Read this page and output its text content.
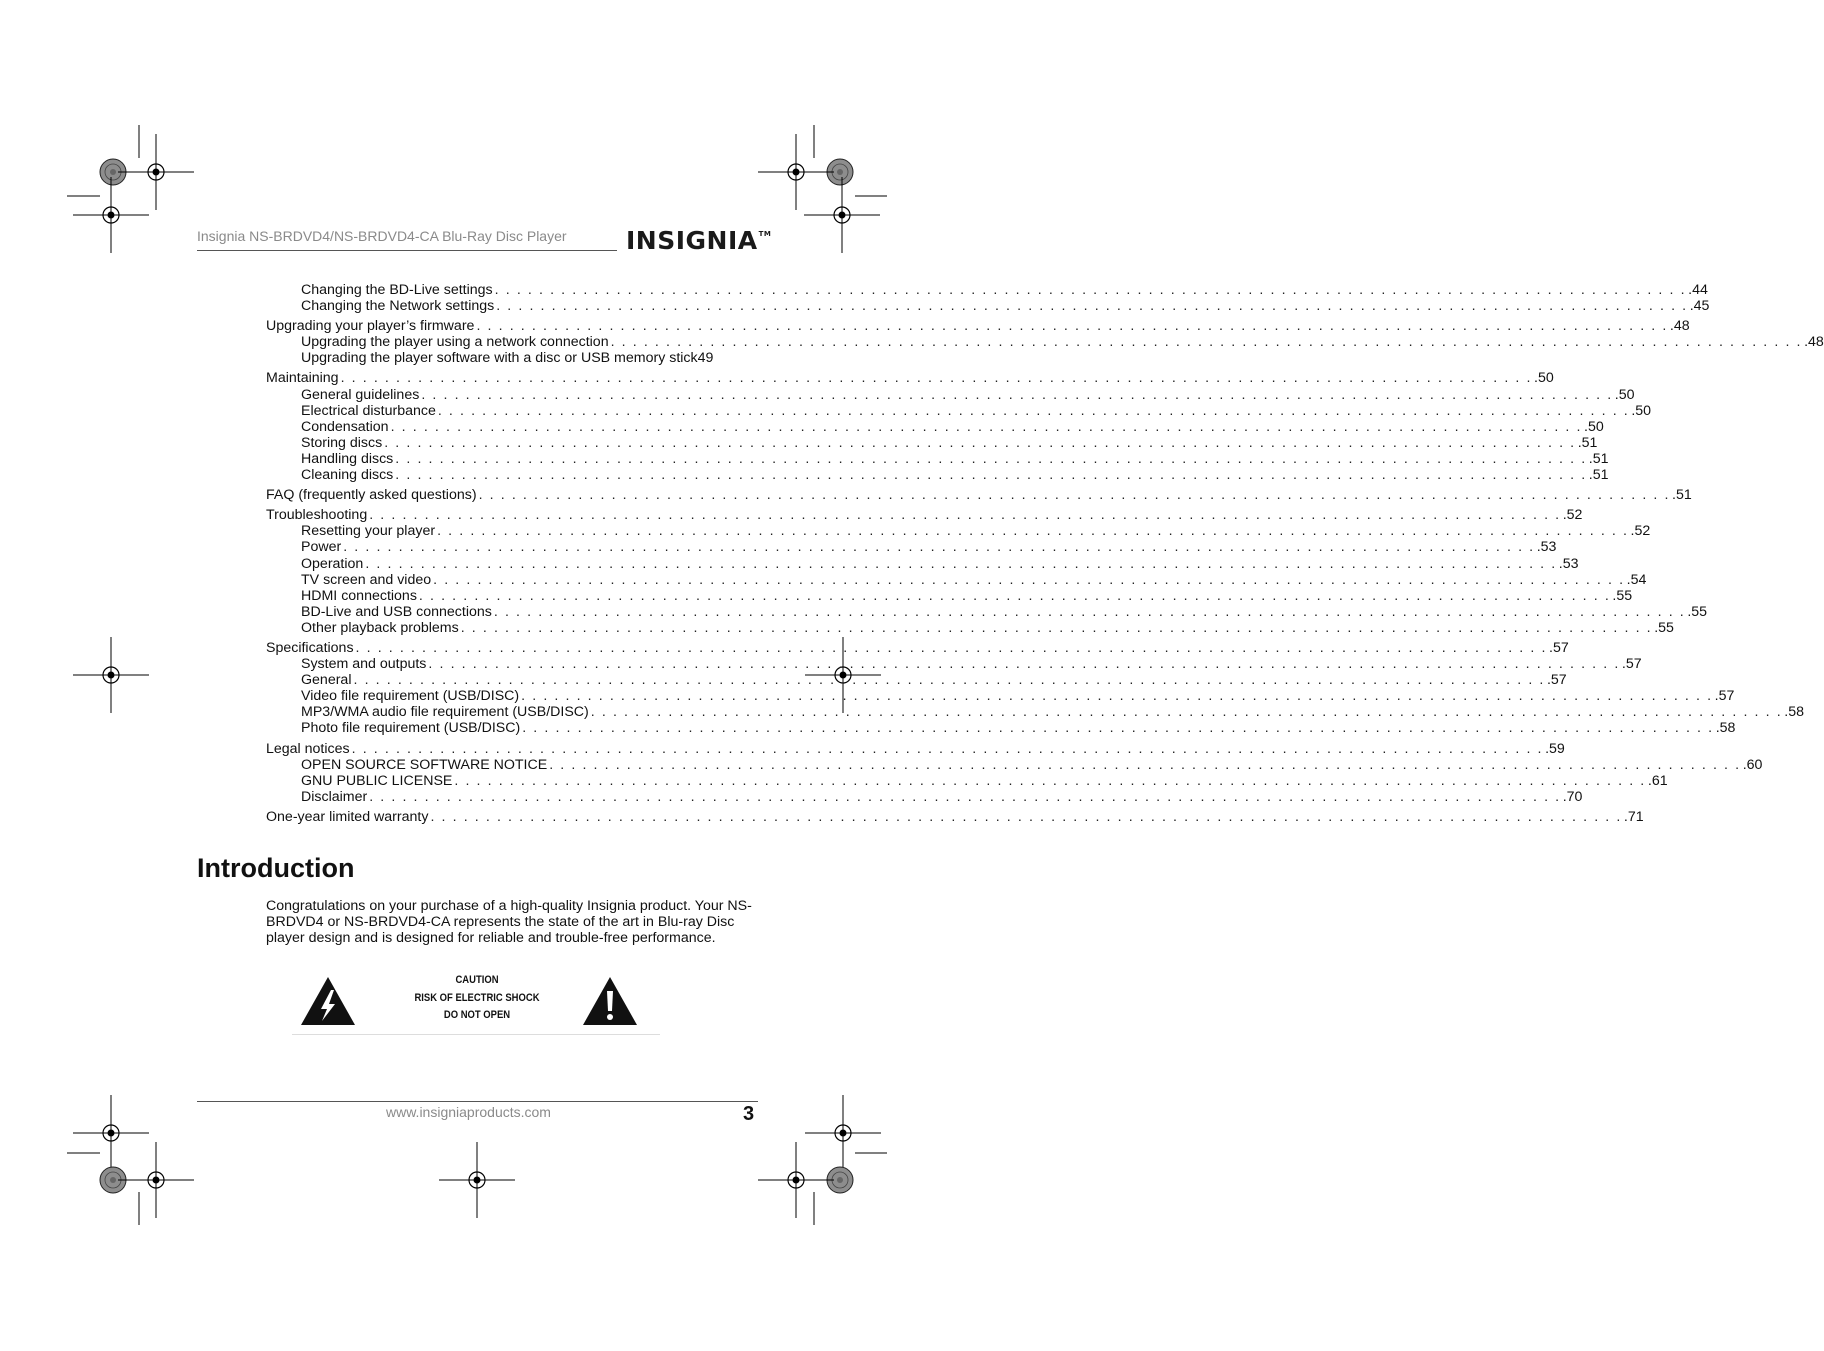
Insignia NS-BRDVD4/NS-BRDVD4-CA Blu-Ray Disc Player INSIGNIA™
Changing the BD-Live settings . . . . . . . . . . . . . . . . . . . . . . . . . . . . . . . . . . . . . . . . . . . . . . . . . . . . . . . . . . . . . . . . . . . . . . . . . . . . . . . . . . . . . . . . . . . . . . . . . . . . . . . . . . . . .44
Changing the Network settings . . . . . . . . . . . . . . . . . . . . . . . . . . . . . . . . . . . . . . . . . . . . . . . . . . . . . . . . . . . . . . . . . . . . . . . . . . . . . . . . . . . . . . . . . . . . . . . . . . . . . . . . . . . . .45
Upgrading your player’s firmware . . . . . . . . . . . . . . . . . . . . . . . . . . . . . . . . . . . . . . . . . . . . . . . . . . . . . . . . . . . . . . . . . . . . . . . . . . . . . . . . . . . . . . . . . . . . . . . . . . . . . . . . . . . . .48
Upgrading the player using a network connection . . . . . . . . . . . . . . . . . . . . . . . . . . . . . . . . . . . . . . . . . . . . . . . . . . . . . . . . . . . . . . . . . . . . . . . . . . . . . . . . . . . . . . . . . . . . . . . . . . . . . . . . . . . . .48
Upgrading the player software with a disc or USB memory stick 49
Maintaining . . . . . . . . . . . . . . . . . . . . . . . . . . . . . . . . . . . . . . . . . . . . . . . . . . . . . . . . . . . . . . . . . . . . . . . . . . . . . . . . . . . . . . . . . . . . . . . . . . . . . . . . . . . . .50
General guidelines . . . . . . . . . . . . . . . . . . . . . . . . . . . . . . . . . . . . . . . . . . . . . . . . . . . . . . . . . . . . . . . . . . . . . . . . . . . . . . . . . . . . . . . . . . . . . . . . . . . . . . . . . . . . .50
Electrical disturbance . . . . . . . . . . . . . . . . . . . . . . . . . . . . . . . . . . . . . . . . . . . . . . . . . . . . . . . . . . . . . . . . . . . . . . . . . . . . . . . . . . . . . . . . . . . . . . . . . . . . . . . . . . . . .50
Condensation . . . . . . . . . . . . . . . . . . . . . . . . . . . . . . . . . . . . . . . . . . . . . . . . . . . . . . . . . . . . . . . . . . . . . . . . . . . . . . . . . . . . . . . . . . . . . . . . . . . . . . . . . . . . .50
Storing discs . . . . . . . . . . . . . . . . . . . . . . . . . . . . . . . . . . . . . . . . . . . . . . . . . . . . . . . . . . . . . . . . . . . . . . . . . . . . . . . . . . . . . . . . . . . . . . . . . . . . . . . . . . . . .51
Handling discs . . . . . . . . . . . . . . . . . . . . . . . . . . . . . . . . . . . . . . . . . . . . . . . . . . . . . . . . . . . . . . . . . . . . . . . . . . . . . . . . . . . . . . . . . . . . . . . . . . . . . . . . . . . . .51
Cleaning discs . . . . . . . . . . . . . . . . . . . . . . . . . . . . . . . . . . . . . . . . . . . . . . . . . . . . . . . . . . . . . . . . . . . . . . . . . . . . . . . . . . . . . . . . . . . . . . . . . . . . . . . . . . . . .51
FAQ (frequently asked questions) . . . . . . . . . . . . . . . . . . . . . . . . . . . . . . . . . . . . . . . . . . . . . . . . . . . . . . . . . . . . . . . . . . . . . . . . . . . . . . . . . . . . . . . . . . . . . . . . . . . . . . . . . . . . .51
Troubleshooting . . . . . . . . . . . . . . . . . . . . . . . . . . . . . . . . . . . . . . . . . . . . . . . . . . . . . . . . . . . . . . . . . . . . . . . . . . . . . . . . . . . . . . . . . . . . . . . . . . . . . . . . . . . . .52
Resetting your player . . . . . . . . . . . . . . . . . . . . . . . . . . . . . . . . . . . . . . . . . . . . . . . . . . . . . . . . . . . . . . . . . . . . . . . . . . . . . . . . . . . . . . . . . . . . . . . . . . . . . . . . . . . . .52
Power . . . . . . . . . . . . . . . . . . . . . . . . . . . . . . . . . . . . . . . . . . . . . . . . . . . . . . . . . . . . . . . . . . . . . . . . . . . . . . . . . . . . . . . . . . . . . . . . . . . . . . . . . . . . .53
Operation . . . . . . . . . . . . . . . . . . . . . . . . . . . . . . . . . . . . . . . . . . . . . . . . . . . . . . . . . . . . . . . . . . . . . . . . . . . . . . . . . . . . . . . . . . . . . . . . . . . . . . . . . . . . .53
TV screen and video . . . . . . . . . . . . . . . . . . . . . . . . . . . . . . . . . . . . . . . . . . . . . . . . . . . . . . . . . . . . . . . . . . . . . . . . . . . . . . . . . . . . . . . . . . . . . . . . . . . . . . . . . . . . .54
HDMI connections . . . . . . . . . . . . . . . . . . . . . . . . . . . . . . . . . . . . . . . . . . . . . . . . . . . . . . . . . . . . . . . . . . . . . . . . . . . . . . . . . . . . . . . . . . . . . . . . . . . . . . . . . . . . .55
BD-Live and USB connections . . . . . . . . . . . . . . . . . . . . . . . . . . . . . . . . . . . . . . . . . . . . . . . . . . . . . . . . . . . . . . . . . . . . . . . . . . . . . . . . . . . . . . . . . . . . . . . . . . . . . . . . . . . . .55
Other playback problems . . . . . . . . . . . . . . . . . . . . . . . . . . . . . . . . . . . . . . . . . . . . . . . . . . . . . . . . . . . . . . . . . . . . . . . . . . . . . . . . . . . . . . . . . . . . . . . . . . . . . . . . . . . . .55
Specifications . . . . . . . . . . . . . . . . . . . . . . . . . . . . . . . . . . . . . . . . . . . . . . . . . . . . . . . . . . . . . . . . . . . . . . . . . . . . . . . . . . . . . . . . . . . . . . . . . . . . . . . . . . . . .57
System and outputs . . . . . . . . . . . . . . . . . . . . . . . . . . . . . . . . . . . . . . . . . . . . . . . . . . . . . . . . . . . . . . . . . . . . . . . . . . . . . . . . . . . . . . . . . . . . . . . . . . . . . . . . . . . . .57
General . . . . . . . . . . . . . . . . . . . . . . . . . . . . . . . . . . . . . . . . . . . . . . . . . . . . . . . . . . . . . . . . . . . . . . . . . . . . . . . . . . . . . . . . . . . . . . . . . . . . . . . . . . . . .57
Video file requirement (USB/DISC) . . . . . . . . . . . . . . . . . . . . . . . . . . . . . . . . . . . . . . . . . . . . . . . . . . . . . . . . . . . . . . . . . . . . . . . . . . . . . . . . . . . . . . . . . . . . . . . . . . . . . . . . . . . . .57
MP3/WMA audio file requirement (USB/DISC) . . . . . . . . . . . . . . . . . . . . . . . . . . . . . . . . . . . . . . . . . . . . . . . . . . . . . . . . . . . . . . . . . . . . . . . . . . . . . . . . . . . . . . . . . . . . . . . . . . . . . . . . . . . . .58
Photo file requirement (USB/DISC) . . . . . . . . . . . . . . . . . . . . . . . . . . . . . . . . . . . . . . . . . . . . . . . . . . . . . . . . . . . . . . . . . . . . . . . . . . . . . . . . . . . . . . . . . . . . . . . . . . . . . . . . . . . . .58
Legal notices . . . . . . . . . . . . . . . . . . . . . . . . . . . . . . . . . . . . . . . . . . . . . . . . . . . . . . . . . . . . . . . . . . . . . . . . . . . . . . . . . . . . . . . . . . . . . . . . . . . . . . . . . . . . .59
OPEN SOURCE SOFTWARE NOTICE . . . . . . . . . . . . . . . . . . . . . . . . . . . . . . . . . . . . . . . . . . . . . . . . . . . . . . . . . . . . . . . . . . . . . . . . . . . . . . . . . . . . . . . . . . . . . . . . . . . . . . . . . . . . .60
GNU PUBLIC LICENSE . . . . . . . . . . . . . . . . . . . . . . . . . . . . . . . . . . . . . . . . . . . . . . . . . . . . . . . . . . . . . . . . . . . . . . . . . . . . . . . . . . . . . . . . . . . . . . . . . . . . . . . . . . . . .61
Disclaimer . . . . . . . . . . . . . . . . . . . . . . . . . . . . . . . . . . . . . . . . . . . . . . . . . . . . . . . . . . . . . . . . . . . . . . . . . . . . . . . . . . . . . . . . . . . . . . . . . . . . . . . . . . . . .70
One-year limited warranty . . . . . . . . . . . . . . . . . . . . . . . . . . . . . . . . . . . . . . . . . . . . . . . . . . . . . . . . . . . . . . . . . . . . . . . . . . . . . . . . . . . . . . . . . . . . . . . . . . . . . . . . . . . . .71
Introduction

Congratulations on your purchase of a high-quality Insignia product. Your NS-BRDVD4 or NS-BRDVD4-CA represents the state of the art in Blu-ray Disc player design and is designed for reliable and trouble-free performance.

CAUTION
RISK OF ELECTRIC SHOCK
DO NOT OPEN
www.insigniaproducts.com	3
